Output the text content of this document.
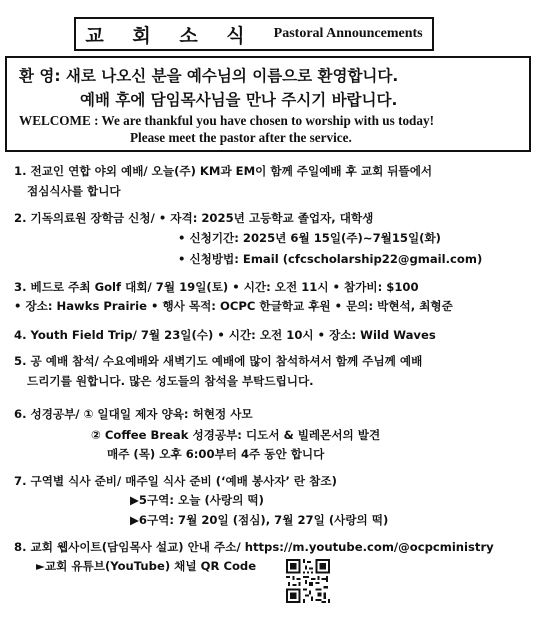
교 회 소 식 Pastoral Announcements
환 영: 새로 나오신 분을 예수님의 이름으로 환영합니다.
예배 후에 담임목사님을 만나 주시기 바랍니다.
WELCOME : We are thankful you have chosen to worship with us today!
Please meet the pastor after the service.
1. 전교인 연합 야외 예배/ 오늘(주) KM과 EM이 함께 주일예배 후 교회 뒤뜰에서
점심식사를 합니다
2. 기독의료원 장학금 신청/ • 자격: 2025년 고등학교 졸업자, 대학생
• 신청기간: 2025년 6월 15일(주)~7월15일(화)
• 신청방법: Email (cfcscholarship22@gmail.com)
3. 베드로 주최 Golf 대회/ 7월 19일(토) • 시간: 오전 11시 • 참가비: $100
• 장소: Hawks Prairie • 행사 목적: OCPC 한글학교 후원 • 문의: 박현석, 최형준
4. Youth Field Trip/ 7월 23일(수) • 시간: 오전 10시 • 장소: Wild Waves
5. 공 예배 참석/ 수요예배와 새벽기도 예배에 많이 참석하셔서 함께 주님께 예배
드리기를 원합니다. 많은 성도들의 참석을 부탁드립니다.
6. 성경공부/ ① 일대일 제자 양육: 허현정 사모
② Coffee Break 성경공부: 디도서 & 빌레몬서의 발견
매주 (목) 오후 6:00부터 4주 동안 합니다
7. 구역별 식사 준비/ 매주일 식사 준비 (‘예배 봉사자’ 란 참조)
▶5구역: 오늘 (사랑의 떡)
▶6구역: 7월 20일 (점심), 7월 27일 (사랑의 떡)
8. 교회 웹사이트(담임목사 설교) 안내 주소/ https://m.youtube.com/@ocpcministry
►교회 유튜브(YouTube) 채널 QR Code
